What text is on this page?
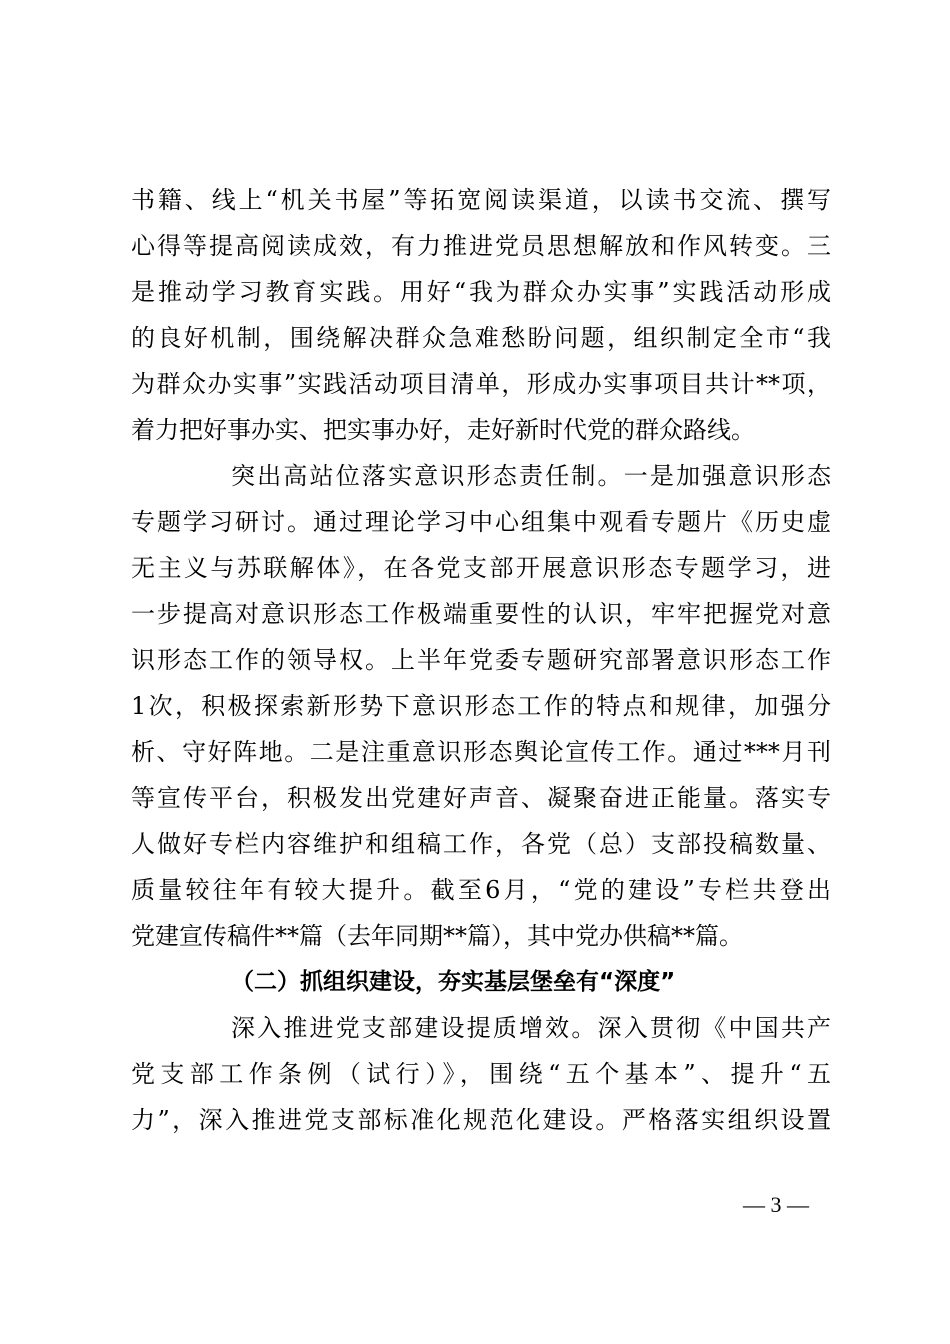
书籍、线上“机关书屋”等拓宽阅读渠道，以读书交流、撰写
心得等提高阅读成效，有力推进党员思想解放和作风转变。三
是推动学习教育实践。用好“我为群众办实事”实践活动形成
的良好机制，围绕解决群众急难愁盼问题，组织制定全市“我
为群众办实事”实践活动项目清单，形成办实事项目共计**项，
着力把好事办实、把实事办好，走好新时代党的群众路线。
突出高站位落实意识形态责任制。一是加强意识形态
专题学习研讨。通过理论学习中心组集中观看专题片《历史虚
无主义与苏联解体》，在各党支部开展意识形态专题学习，进
一步提高对意识形态工作极端重要性的认识，牢牢把握党对意
识形态工作的领导权。上半年党委专题研究部署意识形态工作
1次，积极探索新形势下意识形态工作的特点和规律，加强分
析、守好阵地。二是注重意识形态舆论宣传工作。通过***月刊
等宣传平台，积极发出党建好声音、凝聚奋进正能量。落实专
人做好专栏内容维护和组稿工作，各党（总）支部投稿数量、
质量较往年有较大提升。截至6月，“党的建设”专栏共登出
党建宣传稿件**篇（去年同期**篇），其中党办供稿**篇。
（二）抓组织建设，夯实基层堡垒有“深度”
深入推进党支部建设提质增效。深入贯彻《中国共产
党支部工作条例（试行）》，围绕“五个基本”、提升“五
力”，深入推进党支部标准化规范化建设。严格落实组织设置
— 3 —
